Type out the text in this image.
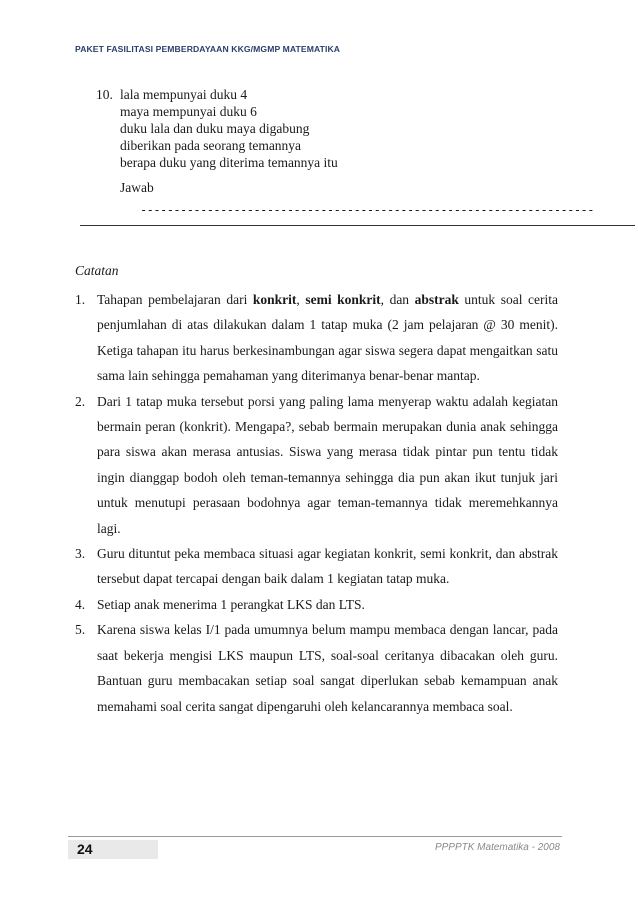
PAKET FASILITASI PEMBERDAYAAN KKG/MGMP MATEMATIKA
10. lala mempunyai duku 4
maya mempunyai duku 6
duku lala dan duku maya digabung
diberikan pada seorang temannya
berapa duku yang diterima temannya itu
Jawab
--------------------------------------------------------------------
Catatan
1. Tahapan pembelajaran dari konkrit, semi konkrit, dan abstrak untuk soal cerita penjumlahan di atas dilakukan dalam 1 tatap muka (2 jam pelajaran @ 30 menit). Ketiga tahapan itu harus berkesinambungan agar siswa segera dapat mengaitkan satu sama lain sehingga pemahaman yang diterimanya benar-benar mantap.
2. Dari 1 tatap muka tersebut porsi yang paling lama menyerap waktu adalah kegiatan bermain peran (konkrit). Mengapa?, sebab bermain merupakan dunia anak sehingga para siswa akan merasa antusias. Siswa yang merasa tidak pintar pun tentu tidak ingin dianggap bodoh oleh teman-temannya sehingga dia pun akan ikut tunjuk jari untuk menutupi perasaan bodohnya agar teman-temannya tidak meremehkannya lagi.
3. Guru dituntut peka membaca situasi agar kegiatan konkrit, semi konkrit, dan abstrak tersebut dapat tercapai dengan baik dalam 1 kegiatan tatap muka.
4. Setiap anak menerima 1 perangkat LKS dan LTS.
5. Karena siswa kelas I/1 pada umumnya belum mampu membaca dengan lancar, pada saat bekerja mengisi LKS maupun LTS, soal-soal ceritanya dibacakan oleh guru. Bantuan guru membacakan setiap soal sangat diperlukan sebab kemampuan anak memahami soal cerita sangat dipengaruhi oleh kelancarannya membaca soal.
24	PPPPTK Matematika - 2008
